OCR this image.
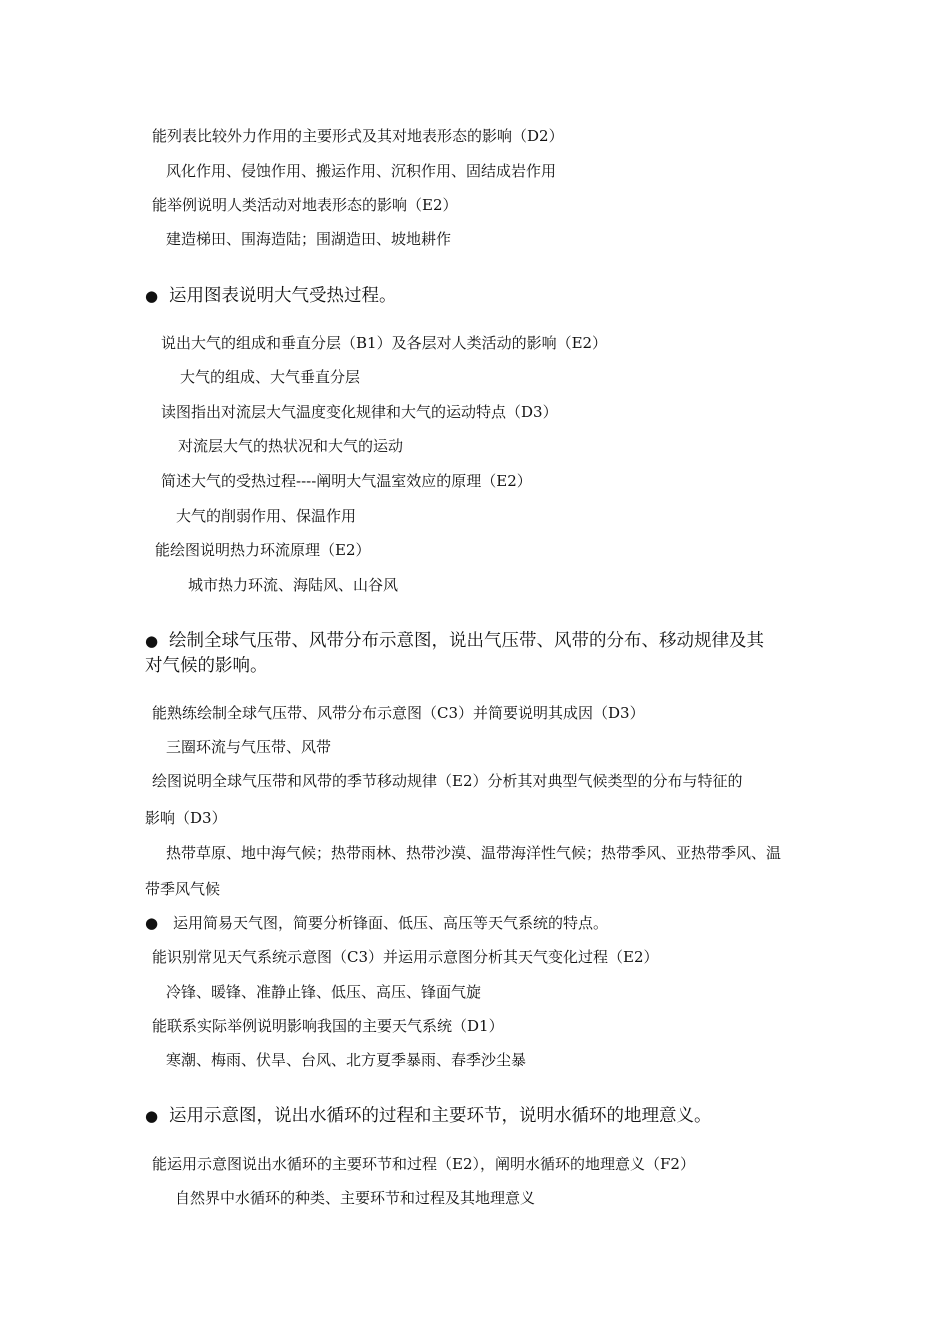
能列表比较外力作用的主要形式及其对地表形态的影响（D2）
风化作用、侵蚀作用、搬运作用、沉积作用、固结成岩作用
能举例说明人类活动对地表形态的影响（E2）
建造梯田、围海造陆；围湖造田、坡地耕作
● 运用图表说明大气受热过程。
说出大气的组成和垂直分层（B1）及各层对人类活动的影响（E2）
大气的组成、大气垂直分层
读图指出对流层大气温度变化规律和大气的运动特点（D3）
对流层大气的热状况和大气的运动
简述大气的受热过程----阐明大气温室效应的原理（E2）
大气的削弱作用、保温作用
能绘图说明热力环流原理（E2）
城市热力环流、海陆风、山谷风
● 绘制全球气压带、风带分布示意图，说出气压带、风带的分布、移动规律及其
对气候的影响。
能熟练绘制全球气压带、风带分布示意图（C3）并简要说明其成因（D3）
三圈环流与气压带、风带
绘图说明全球气压带和风带的季节移动规律（E2）分析其对典型气候类型的分布与特征的
影响（D3）
热带草原、地中海气候；热带雨林、热带沙漠、温带海洋性气候；热带季风、亚热带季风、温
带季风气候
● 运用简易天气图，简要分析锋面、低压、高压等天气系统的特点。
能识别常见天气系统示意图（C3）并运用示意图分析其天气变化过程（E2）
冷锋、暖锋、准静止锋、低压、高压、锋面气旋
能联系实际举例说明影响我国的主要天气系统（D1）
寒潮、梅雨、伏旱、台风、北方夏季暴雨、春季沙尘暴
● 运用示意图，说出水循环的过程和主要环节，说明水循环的地理意义。
能运用示意图说出水循环的主要环节和过程（E2），阐明水循环的地理意义（F2）
自然界中水循环的种类、主要环节和过程及其地理意义
